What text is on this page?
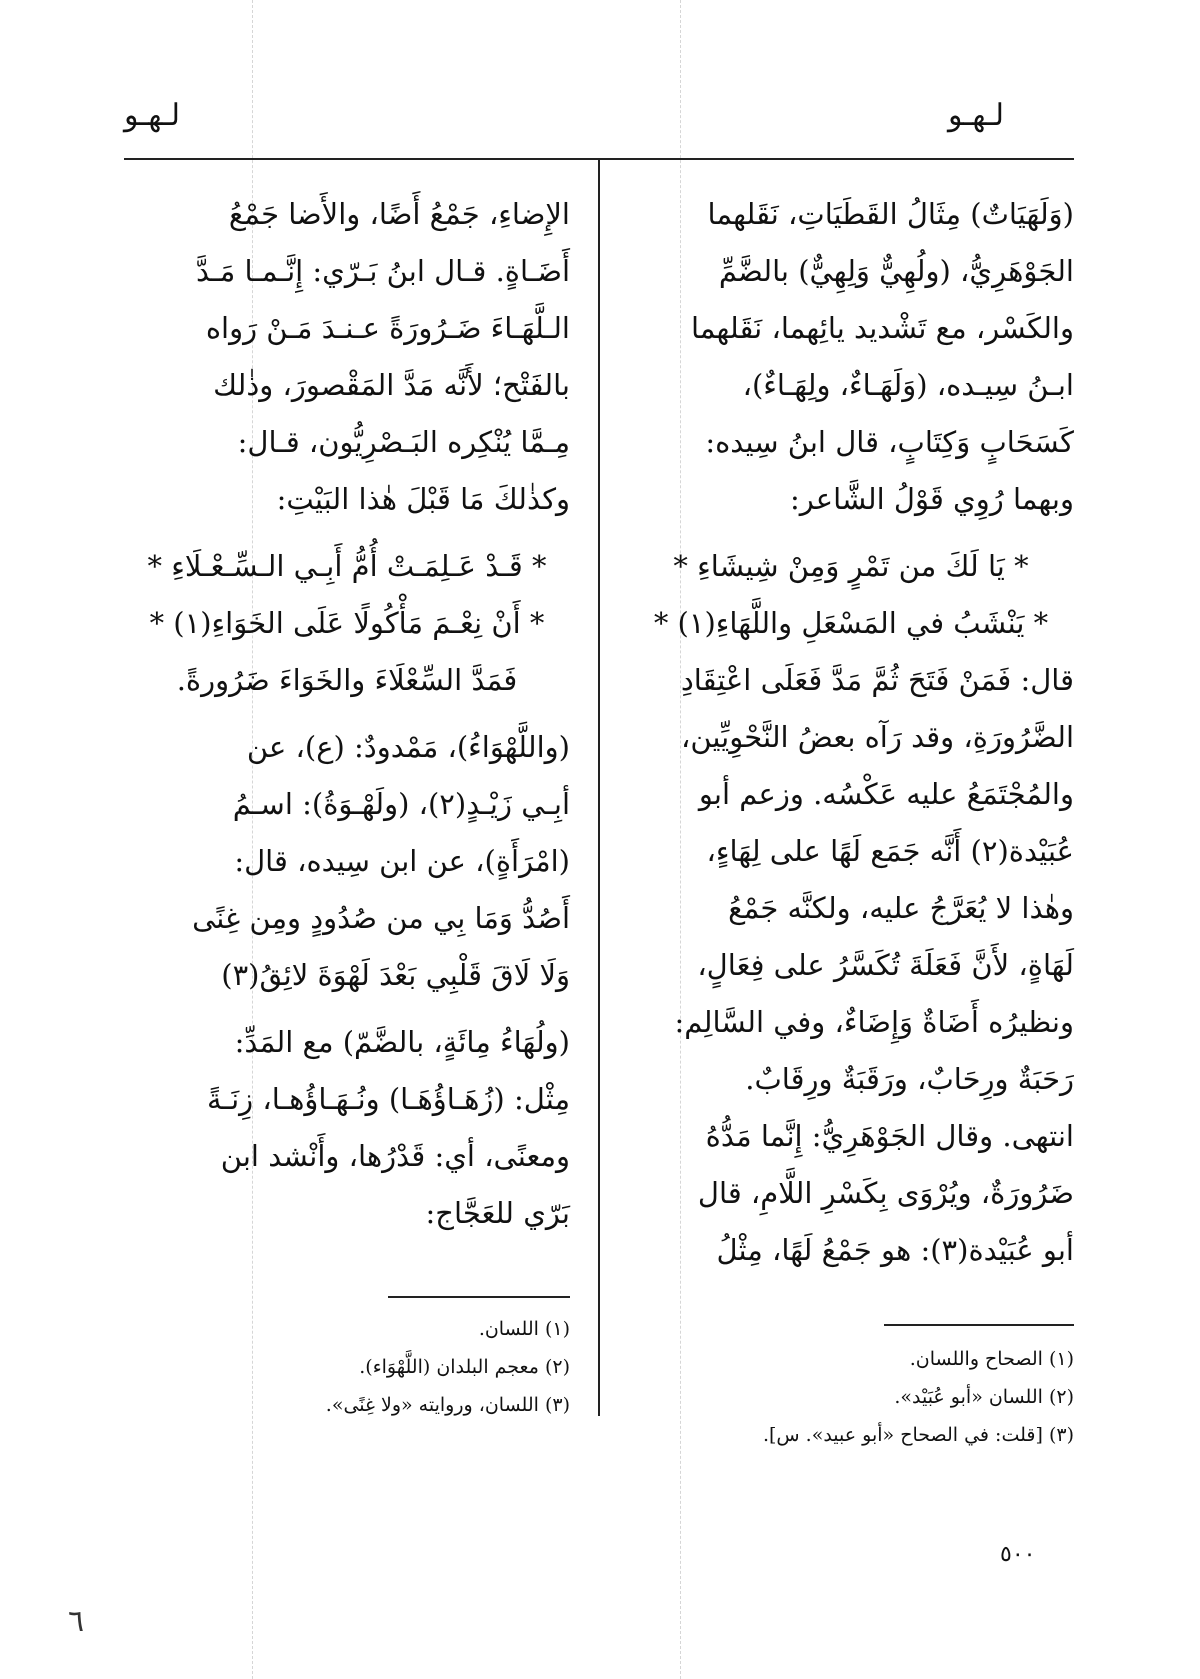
لـهـو
لـهـو

(وَلَهَيَاتٌ) مِثَالُ القَطَيَاتِ، نَقَلهما

الجَوْهَرِيُّ، (ولُهِيٌّ وَلِهِيٌّ) بالضَّمِّ

والكَسْر، مع تَشْديد يائِهما، نَقَلهما

ابـنُ سِيـده، (وَلَهَـاءٌ، ولِهَـاءٌ)،

كَسَحَابٍ وَكِتَابٍ، قال ابنُ سِيده:

وبهما رُوِي قَوْلُ الشَّاعر:

* يَا لَكَ من تَمْرٍ وَمِنْ شِيشَاءِ *

* يَنْشَبُ في المَسْعَلِ واللَّهَاءِ(١) *

قال: فَمَنْ فَتَحَ ثُمَّ مَدَّ فَعَلَى اعْتِقَادِ

الضَّرُورَةِ، وقد رَآه بعضُ النَّحْوِيِّين،

والمُجْتَمَعُ عليه عَكْسُه. وزعم أبو

عُبَيْدة(٢) أَنَّه جَمَع لَهًا على لِهَاءٍ،

وهٰذا لا يُعَرَّجُ عليه، ولكنَّه جَمْعُ

لَهَاةٍ، لأَنَّ فَعَلَةَ تُكَسَّرُ على فِعَالٍ،

ونظيرُه أَضَاةٌ وَإِضَاءٌ، وفي السَّالِم:

رَحَبَةٌ ورِحَابٌ، ورَقَبَةٌ ورِقَابٌ.

انتهى. وقال الجَوْهَرِيُّ: إِنَّما مَدُّهُ

ضَرُورَةٌ، ويُرْوَى بِكَسْرِ اللَّامِ، قال

أبو عُبَيْدة(٣): هو جَمْعُ لَهًا، مِثْلُ

(١) الصحاح واللسان.
(٢) اللسان «أبو عُبَيْد».
(٣) [قلت: في الصحاح «أبو عبيد». س].

الإِضاءِ، جَمْعُ أَضًا، والأَضا جَمْعُ

أَضَـاةٍ. قـال ابنُ بَـرّي: إِنَّـمـا مَـدَّ

الـلَّهَـاءَ ضَـرُورَةً عـنـدَ مَـنْ رَواه

بالفَتْح؛ لأَنَّه مَدَّ المَقْصورَ، وذٰلك

مِـمَّا يُنْكِره البَـصْرِيُّون، قـال:

وكذٰلكَ مَا قَبْلَ هٰذا البَيْتِ:

* قَـدْ عَـلِمَـتْ أُمُّ أَبِـي الـسِّـعْـلَاءِ *

* أَنْ نِعْـمَ مَأْكُولًا عَلَى الخَوَاءِ(١) *

فَمَدَّ السِّعْلَاءَ والخَوَاءَ ضَرُورةً.

(واللَّهْوَاءُ)، مَمْدودٌ: (ع)، عن

أبِـي زَيْـدٍ(٢)، (ولَهْـوَةُ): اسـمُ

(امْرَأَةٍ)، عن ابن سِيده، قال:

أَصُدُّ وَمَا بِي من صُدُودٍ ومِن غِنًى

وَلَا لَاقَ قَلْبِي بَعْدَ لَهْوَةَ لائِقُ(٣)

(ولُهَاءُ مِائَةٍ، بالضَّمّ) مع المَدِّ:

مِثْل: (زُهَـاؤُهَـا) ونُـهَـاؤُهـا، زِنَـةً

ومعنًى، أي: قَدْرُها، وأَنْشد ابن

بَرّي للعَجَّاج:

(١) اللسان.
(٢) معجم البلدان (اللَّهْوَاء).
(٣) اللسان، وروايته «ولا غِنًى».
٥٠٠
٦
